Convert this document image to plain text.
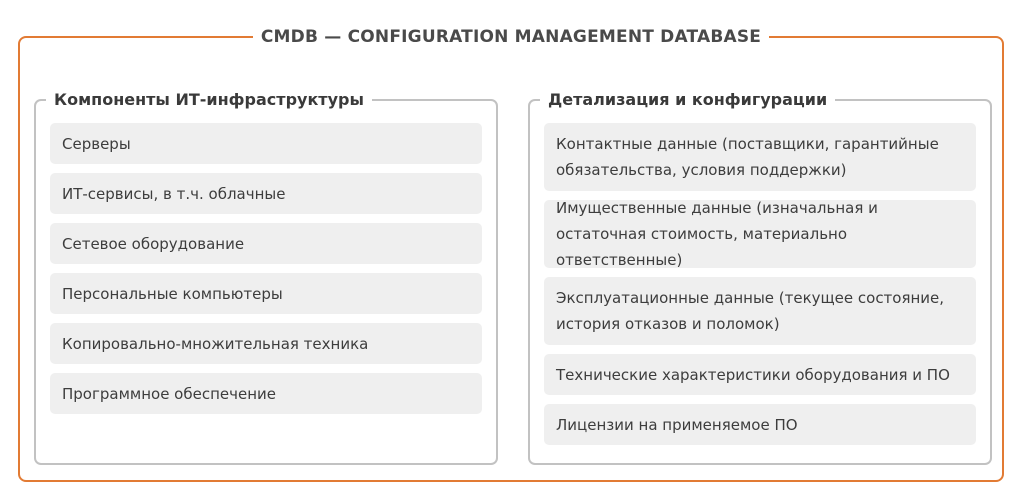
CMDB — CONFIGURATION MANAGEMENT DATABASE
Компоненты ИТ-инфраструктуры
Серверы
ИТ-сервисы, в т.ч. облачные
Сетевое оборудование
Персональные компьютеры
Копировально-множительная техника
Программное обеспечение
Детализация и конфигурации
Контактные данные (поставщики, гарантийные обязательства, условия поддержки)
Имущественные данные (изначальная и остаточная стоимость, материально ответственные)
Эксплуатационные данные (текущее состояние, история отказов и поломок)
Технические характеристики оборудования и ПО
Лицензии на применяемое ПО
